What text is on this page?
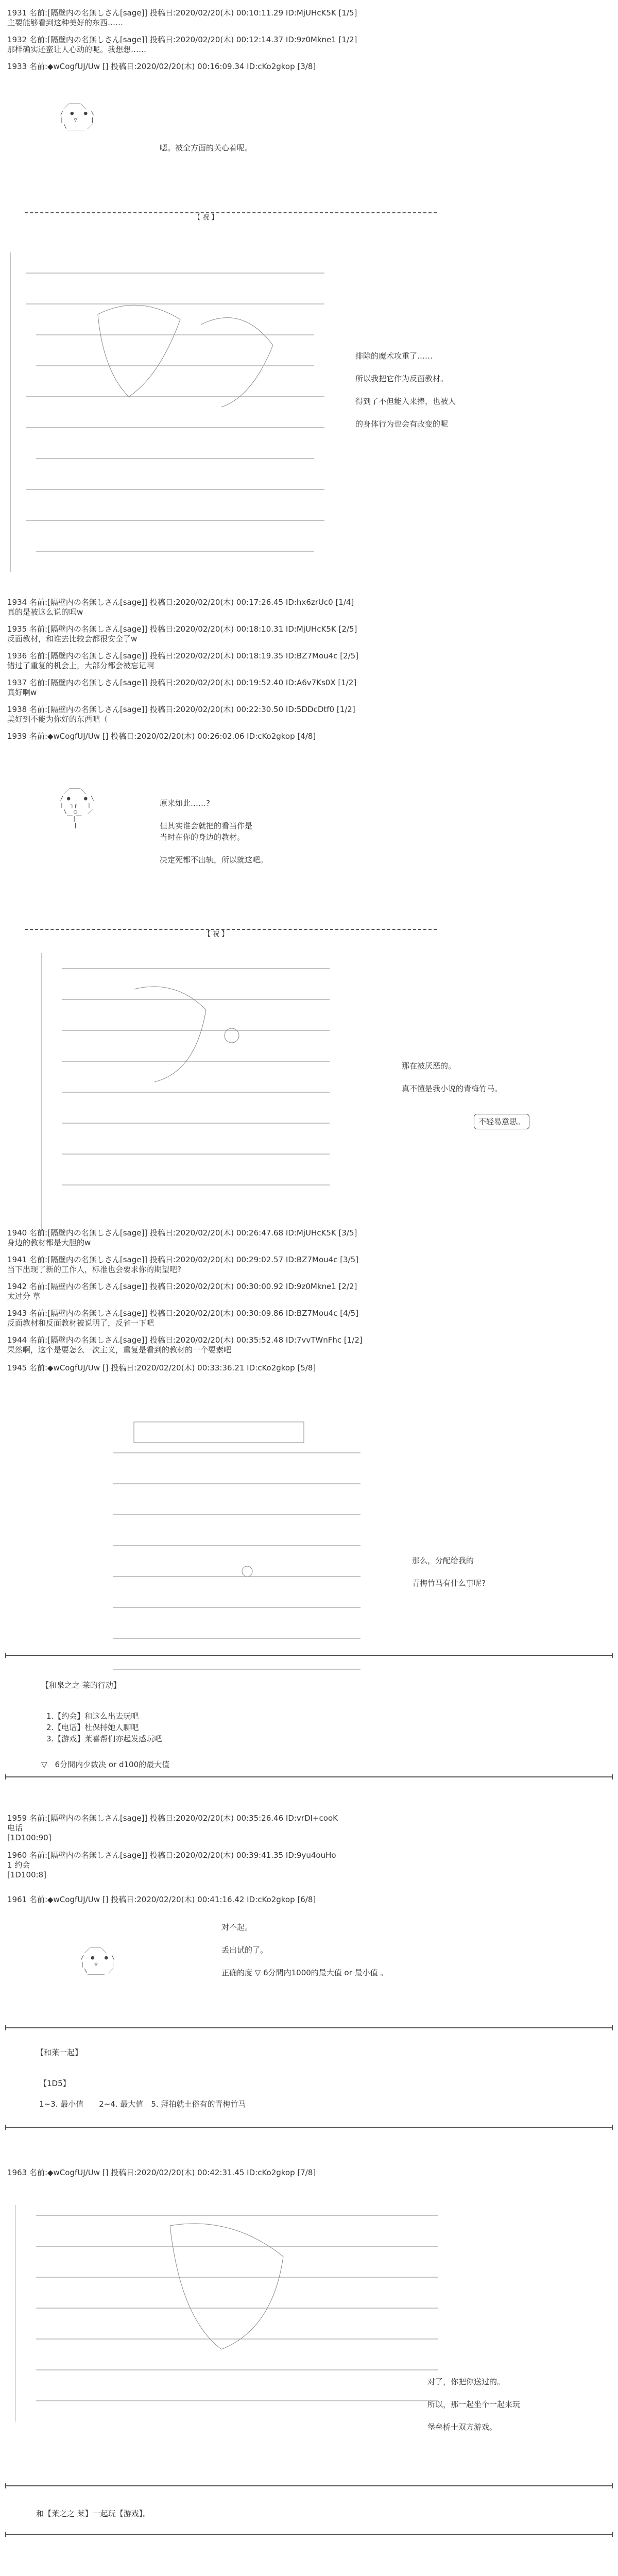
1931 名前:[隔壁内の名無しさん[sage]] 投稿日:2020/02/20(木) 00:10:11.29 ID:MjUHcK5K [1/5]
主要能够看到这种美好的东西……
1932 名前:[隔壁内の名無しさん[sage]] 投稿日:2020/02/20(木) 00:12:14.37 ID:9z0Mkne1 [1/2]
那样确实还蛮让人心动的呢。我想想……
1933 名前:◆wCogfUJ/Uw [] 投稿日:2020/02/20(木) 00:16:09.34 ID:cKo2gkop [3/8]
／￣￣＼
/  ●   ● \
|   ▽    |
\      ／
￣￣￣
嗯。被全方面的关心着呢。
【 祝 】
排除的魔术攻重了……

所以我把它作为反面教材。

得到了不但能入来捧，也被人

的身体行为也会有改变的呢
1934 名前:[隔壁内の名無しさん[sage]] 投稿日:2020/02/20(木) 00:17:26.45 ID:hx6zrUc0 [1/4]
真的是被这么说的吗w
1935 名前:[隔壁内の名無しさん[sage]] 投稿日:2020/02/20(木) 00:18:10.31 ID:MjUHcK5K [2/5]
反面教材，和谁去比较会都很安全了w
1936 名前:[隔壁内の名無しさん[sage]] 投稿日:2020/02/20(木) 00:18:19.35 ID:BZ7Mou4c [2/5]
错过了重复的机会上，大部分都会被忘记啊
1937 名前:[隔壁内の名無しさん[sage]] 投稿日:2020/02/20(木) 00:19:52.40 ID:A6v7Ks0X [1/2]
真好啊w
1938 名前:[隔壁内の名無しさん[sage]] 投稿日:2020/02/20(木) 00:22:30.50 ID:5DDcDtf0 [1/2]
美好到不能为你好的东西吧（
1939 名前:◆wCogfUJ/Uw [] 投稿日:2020/02/20(木) 00:26:02.06 ID:cKo2gkop [4/8]
／￣￣＼
/ ●    ● \
|  ┐┌   |
\  ○   ／
￣|￣
|
原来如此……?

但其实谁会就把的看当作是
当时在你的身边的教材。

决定死都不出轨，所以就这吧。
【 祝 】
那在被厌恶的。

真不懂是我小说的青梅竹马。
不轻易意思。
1940 名前:[隔壁内の名無しさん[sage]] 投稿日:2020/02/20(木) 00:26:47.68 ID:MjUHcK5K [3/5]
身边的教材都是大胆的w
1941 名前:[隔壁内の名無しさん[sage]] 投稿日:2020/02/20(木) 00:29:02.57 ID:BZ7Mou4c [3/5]
当下出现了新的工作人，标准也会要求你的期望吧?
1942 名前:[隔壁内の名無しさん[sage]] 投稿日:2020/02/20(木) 00:30:00.92 ID:9z0Mkne1 [2/2]
太过分 草
1943 名前:[隔壁内の名無しさん[sage]] 投稿日:2020/02/20(木) 00:30:09.86 ID:BZ7Mou4c [4/5]
反面教材和反面教材被说明了，反省一下吧
1944 名前:[隔壁内の名無しさん[sage]] 投稿日:2020/02/20(木) 00:35:52.48 ID:7vvTWnFhc [1/2]
果然啊，这个是要怎么一次主义，重复是看到的教材的一个要素吧
1945 名前:◆wCogfUJ/Uw [] 投稿日:2020/02/20(木) 00:33:36.21 ID:cKo2gkop [5/8]
那么，分配给我的

青梅竹马有什么事呢?
【和泉之之 莱的行动】
1.【约会】和这么出去玩吧
2.【电话】杜保持她人聊吧
3.【游戏】莱喜帮们亦起发感玩吧
▽　6分間内少数决 or d100的最大值
1959 名前:[隔壁内の名無しさん[sage]] 投稿日:2020/02/20(木) 00:35:26.46 ID:vrDI+cooK
电话
[1D100:90]
1960 名前:[隔壁内の名無しさん[sage]] 投稿日:2020/02/20(木) 00:39:41.35 ID:9yu4ouHo
1 约会
[1D100:8]
1961 名前:◆wCogfUJ/Uw [] 投稿日:2020/02/20(木) 00:41:16.42 ID:cKo2gkop [6/8]
／￣￣＼
/  ●   ● \
|   ▽    |
\      ／
￣￣￣
对不起。

丢出试的了。

正确的度 ▽ 6分間内1000的最大值 or 最小值 。
【和莱一起】
【1D5】
1~3. 最小值　　2~4. 最大值　5. 拜拍就土俗有的青梅竹马
1963 名前:◆wCogfUJ/Uw [] 投稿日:2020/02/20(木) 00:42:31.45 ID:cKo2gkop [7/8]
对了，你把你送过的。

所以，那一起坐个一起来玩

堡垒桥士双方游戏。
和【莱之之 莱】一起玩【游戏】。
